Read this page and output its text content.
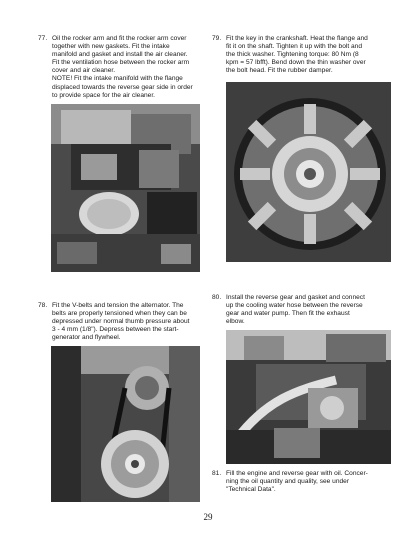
77. Oil the rocker arm and fit the rocker arm cover
together with new gaskets. Fit the intake
manifold and gasket and install the air cleaner.
Fit the ventilation hose between the rocker arm
cover and air cleaner.
NOTE! Fit the intake manifold with the flange
displaced towards the reverse gear side in order
to provide space for the air cleaner.
79. Fit the key in the crankshaft. Heat the flange and
fit it on the shaft. Tighten it up with the bolt and
the thick washer. Tightening torque: 80 Nm (8
kpm = 57 lbfft). Bend down the thin washer over
the bolt head. Fit the rubber damper.
78. Fit the V-belts and tension the alternator. The
belts are properly tensioned when they can be
depressed under normal thumb pressure about
3 - 4 mm (1/8"). Depress between the start-
generator and flywheel.
80. Install the reverse gear and gasket and connect
up the cooling water hose between the reverse
gear and water pump. Then fit the exhaust
elbow.
81. Fill the engine and reverse gear with oil. Concer-
ning the oil quantity and quality, see under
"Technical Data".
29
